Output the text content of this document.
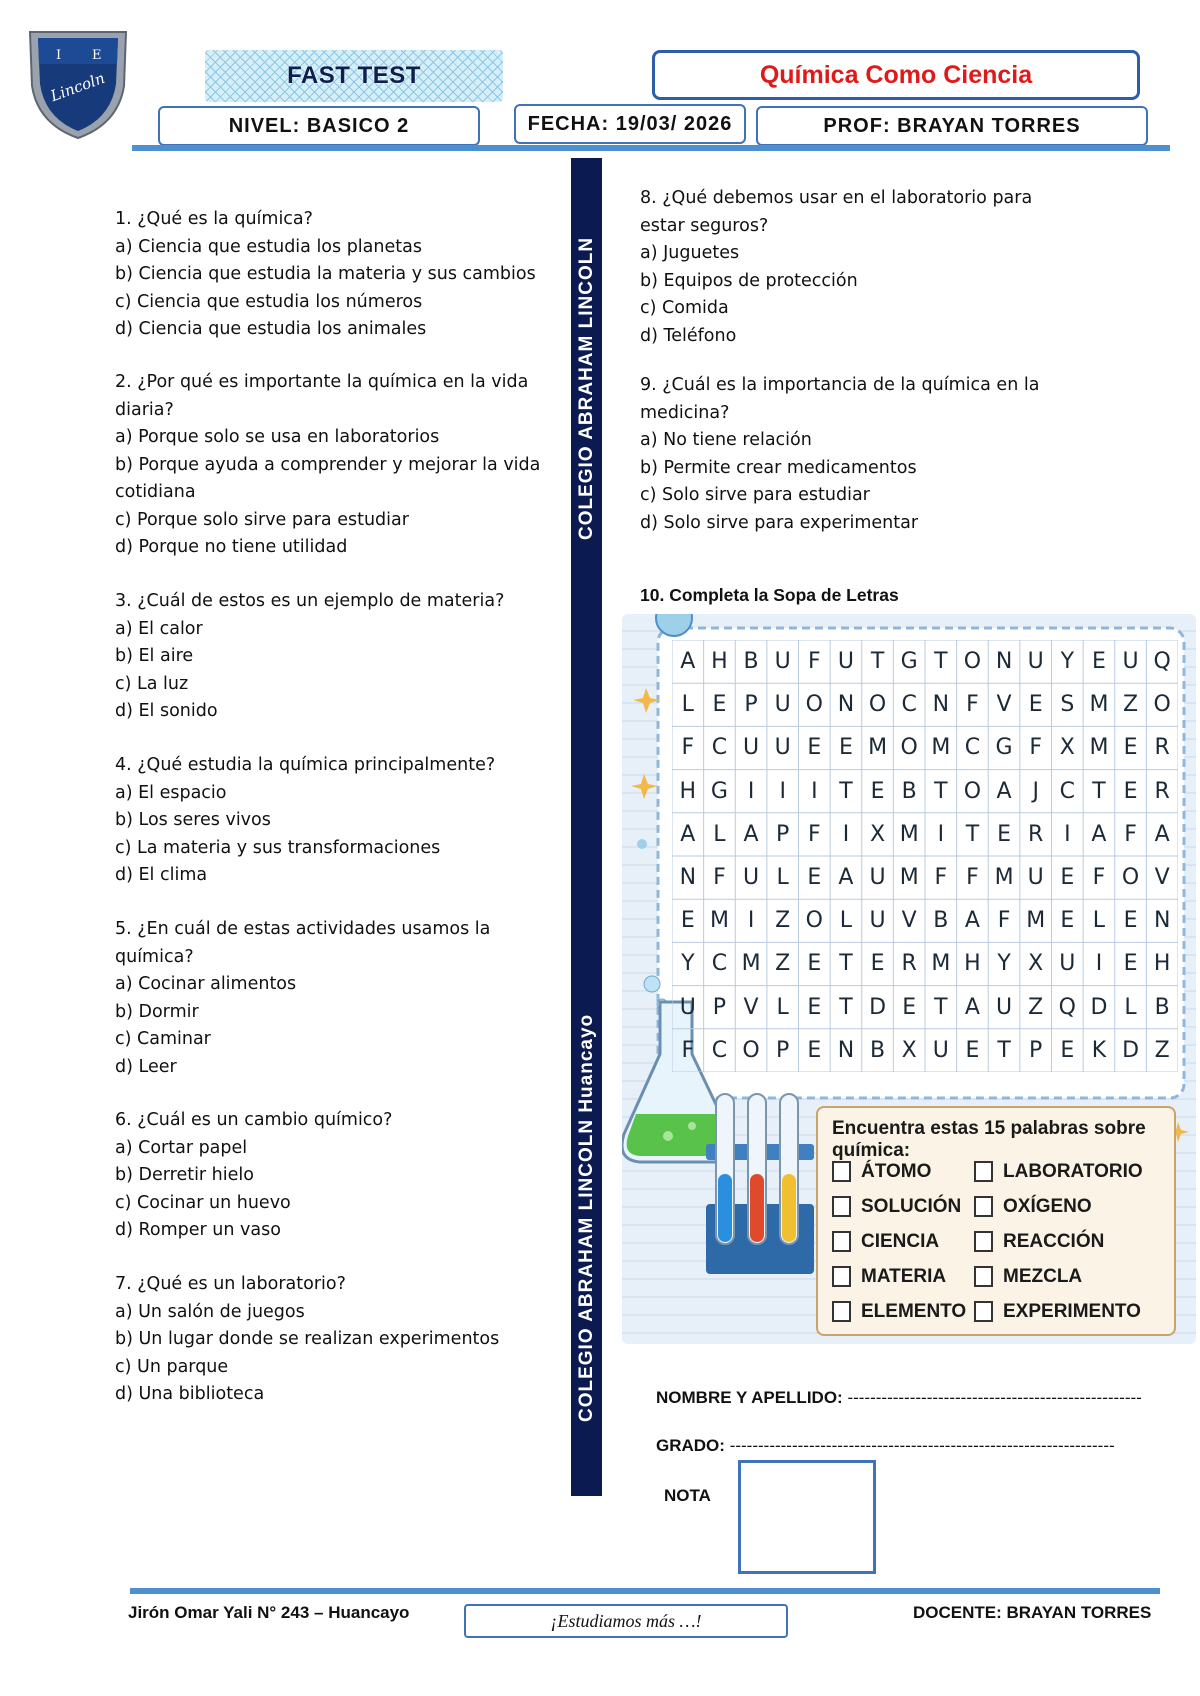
I E
Lincoln	FAST TEST	Química Como Ciencia
NIVEL: BASICO 2	FECHA: 19/03/ 2026	PROF: BRAYAN TORRES
COLEGIO ABRAHAM LINCOLN
COLEGIO ABRAHAM LINCOLN Huancayo

1. ¿Qué es la química?

a) Ciencia que estudia los planetas

b) Ciencia que estudia la materia y sus cambios

c) Ciencia que estudia los números

d) Ciencia que estudia los animales

2. ¿Por qué es importante la química en la vida diaria?

a) Porque solo se usa en laboratorios

b) Porque ayuda a comprender y mejorar la vida cotidiana

c) Porque solo sirve para estudiar

d) Porque no tiene utilidad

3. ¿Cuál de estos es un ejemplo de materia?

a) El calor

b) El aire

c) La luz

d) El sonido

4. ¿Qué estudia la química principalmente?

a) El espacio

b) Los seres vivos

c) La materia y sus transformaciones

d) El clima

5. ¿En cuál de estas actividades usamos la química?

a) Cocinar alimentos

b) Dormir

c) Caminar

d) Leer

6. ¿Cuál es un cambio químico?

a) Cortar papel

b) Derretir hielo

c) Cocinar un huevo

d) Romper un vaso

7. ¿Qué es un laboratorio?

a) Un salón de juegos

b) Un lugar donde se realizan experimentos

c) Un parque

d) Una biblioteca

8. ¿Qué debemos usar en el laboratorio para estar seguros?

a) Juguetes

b) Equipos de protección

c) Comida

d) Teléfono

9. ¿Cuál es la importancia de la química en la medicina?

a) No tiene relación

b) Permite crear medicamentos

c) Solo sirve para estudiar

d) Solo sirve para experimentar

10. Completa la Sopa de Letras
A H B U F U T G T O N U Y E U Q
L E P U O N O C N F V E S M Z O
F C U U E E M O M C G F X M E R
H G I	I	I T E B T O A J C T E R
A L A P F	I X M I T E R I A F A
N F U L E A U M F F M U E F O V
E M I Z O L U V B A F M E L E N
Y C M Z E T E R M H Y X U I E H
U P V L E T D E T A U Z Q D L B
F C O P E N B X U E T P E K D Z
Encuentra estas 15 palabras sobre química:
ÁTOMO
SOLUCIÓN
CIENCIA
MATERIA
ELEMENTO
LABORATORIO
OXÍGENO
REACCIÓN
MEZCLA
EXPERIMENTO
NOMBRE Y APELLIDO: ----------------------------------------------------
GRADO: --------------------------------------------------------------------
NOTA
Jirón Omar Yali N° 243 – Huancayo	¡Estudiamos más …!	DOCENTE: BRAYAN TORRES
